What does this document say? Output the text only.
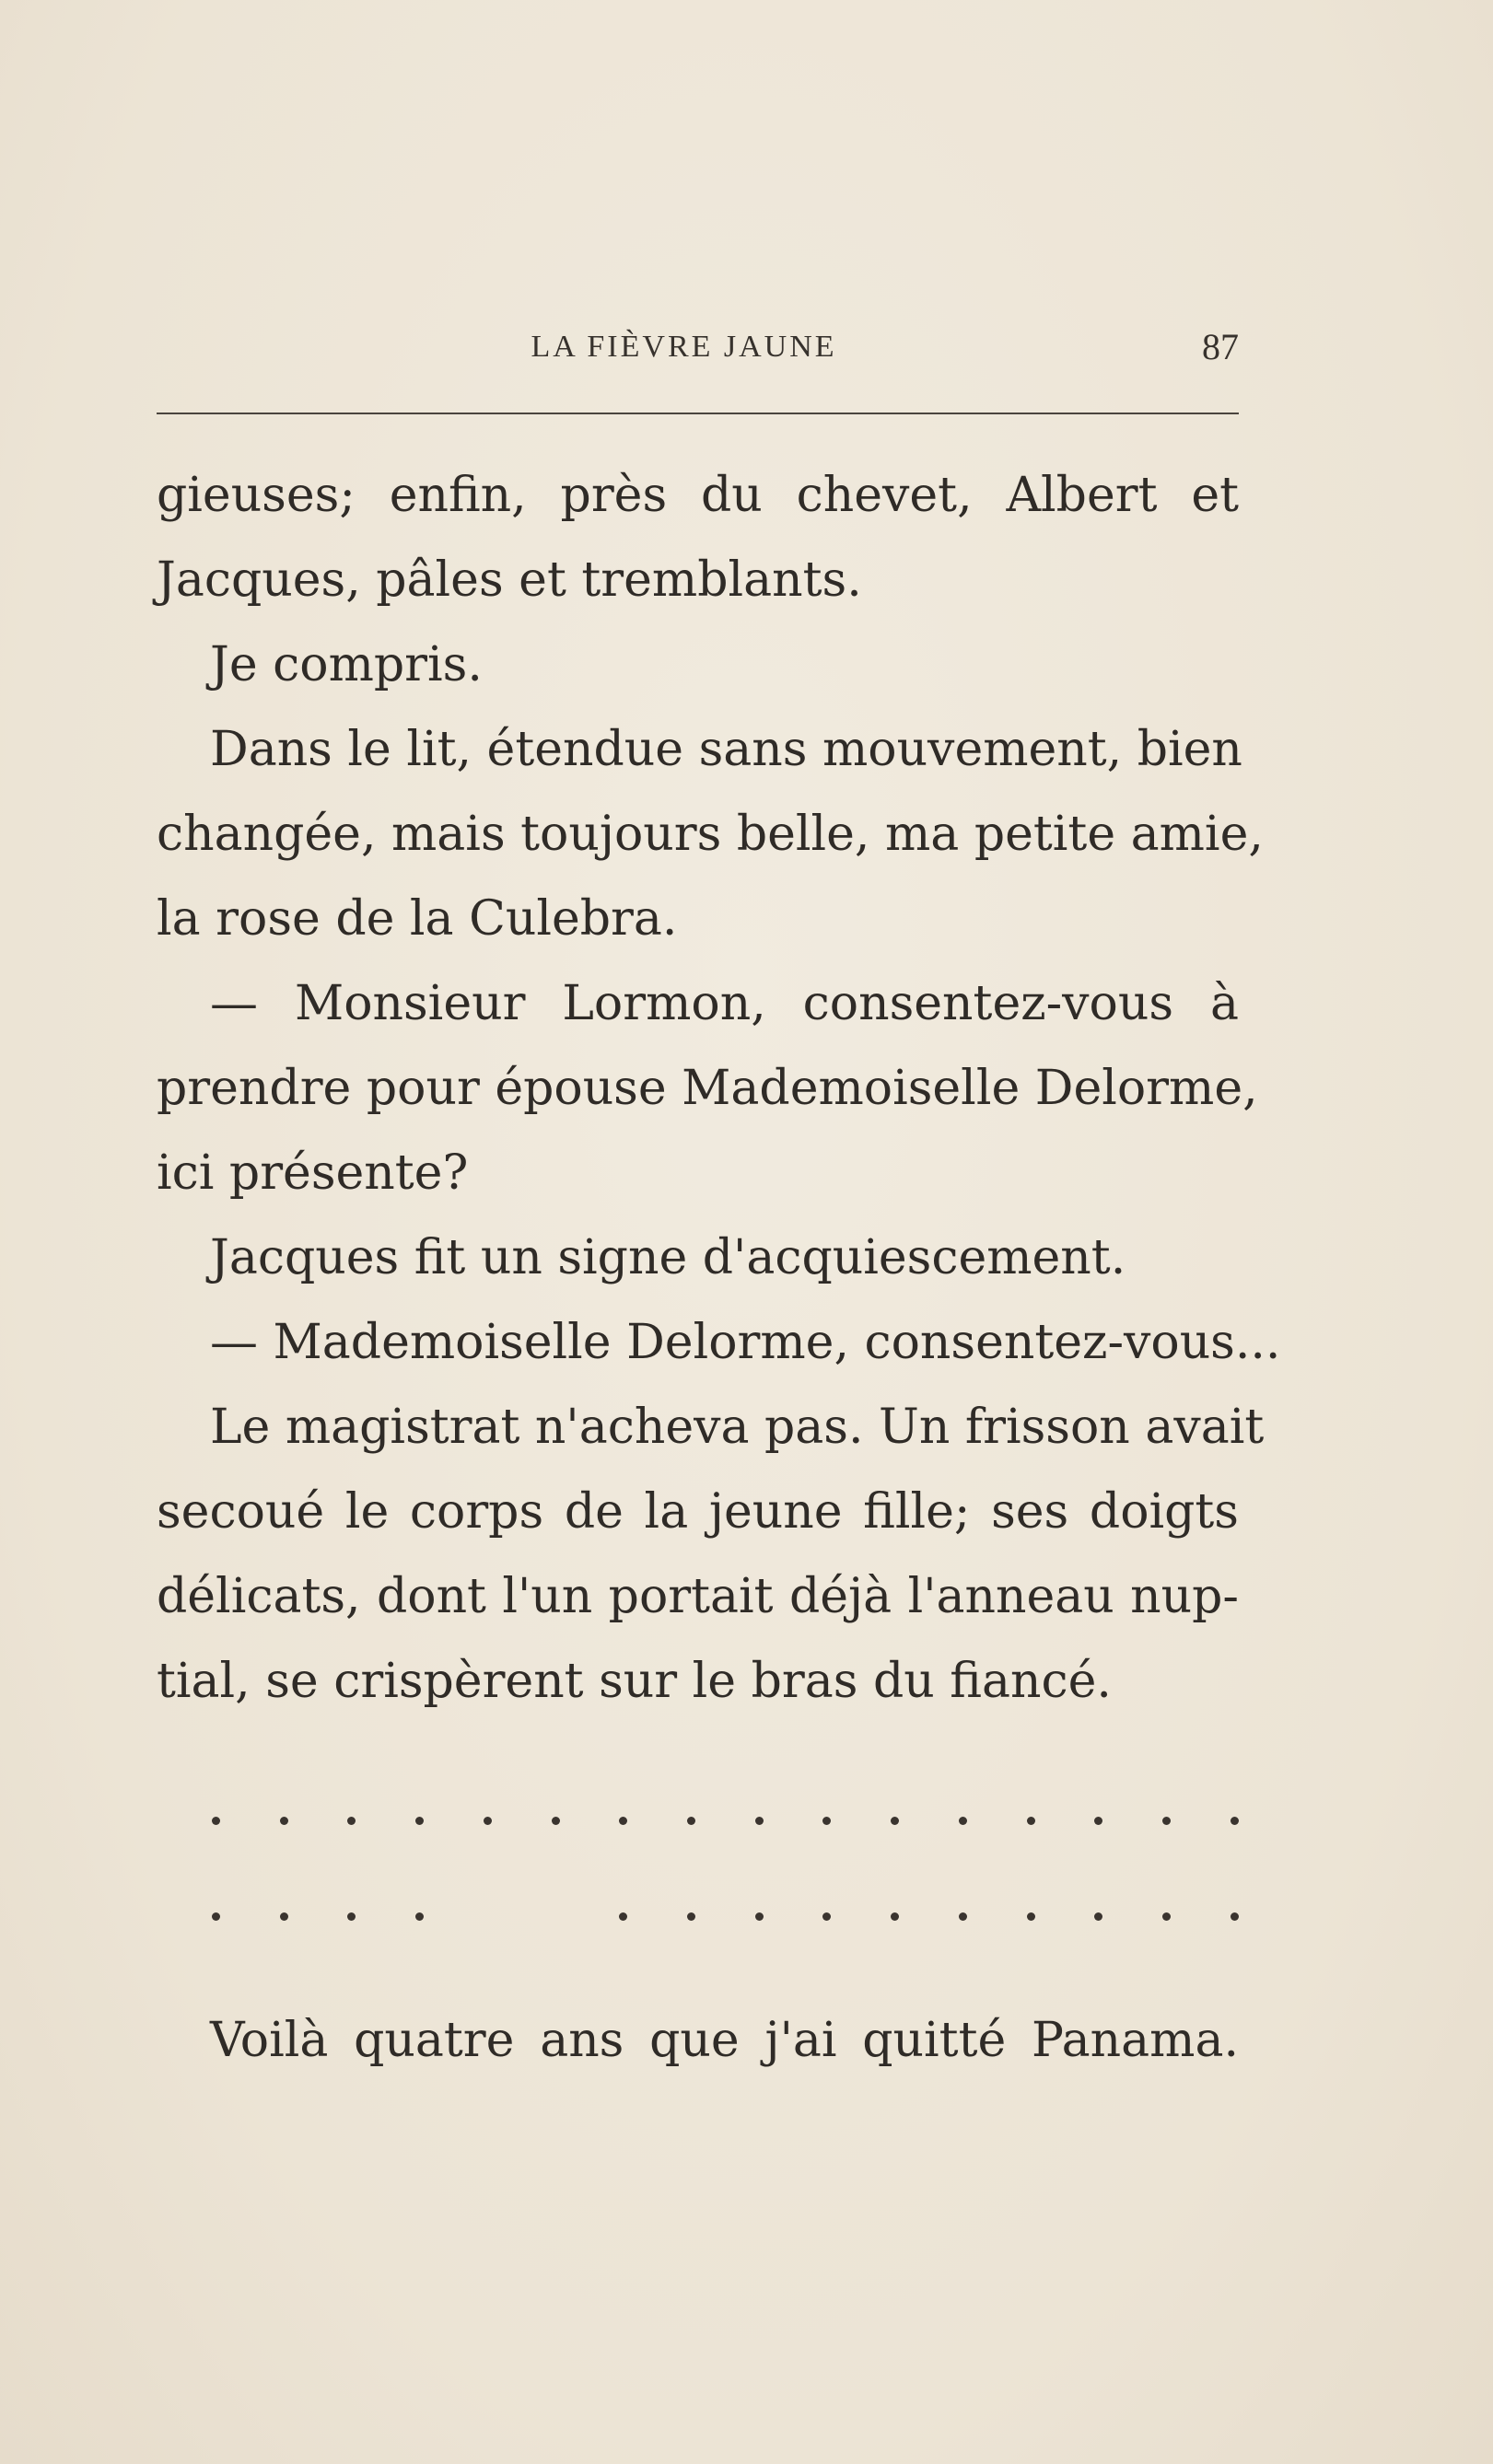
LA FIÈVRE JAUNE	87

gieuses; enfin, près du chevet, Albert et

Jacques, pâles et tremblants.

Je compris.

Dans le lit, étendue sans mouvement, bien

changée, mais toujours belle, ma petite amie,

la rose de la Culebra.

— Monsieur Lormon, consentez-vous à

prendre pour épouse Mademoiselle Delorme,

ici présente?

Jacques fit un signe d'acquiescement.

— Mademoiselle Delorme, consentez-vous...

Le magistrat n'acheva pas. Un frisson avait

secoué le corps de la jeune fille; ses doigts

délicats, dont l'un portait déjà l'anneau nup-

tial, se crispèrent sur le bras du fiancé.

Voilà quatre ans que j'ai quitté Panama.
